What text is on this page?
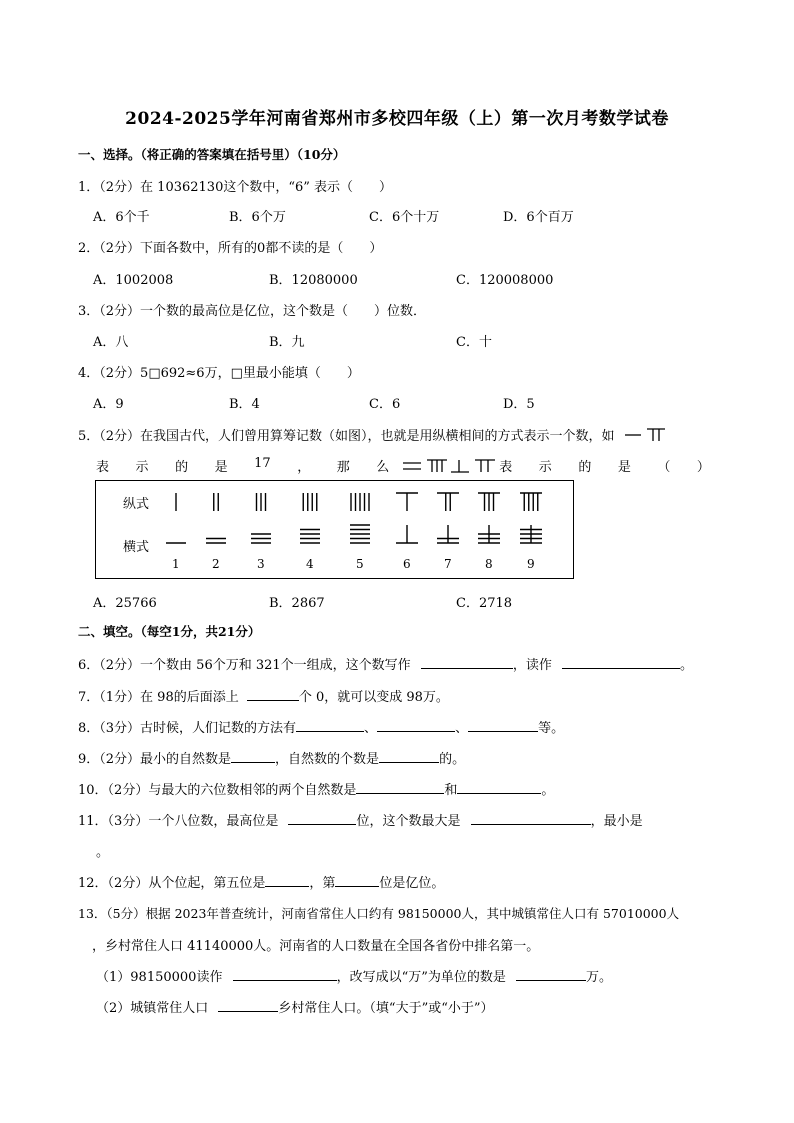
2024-2025学年河南省郑州市多校四年级（上）第一次月考数学试卷
一、选择。（将正确的答案填在括号里）（10分）
1．（2分）在 10362130这个数中，“6” 表示（　　）
A．6个千	B．6个万	C．6个十万	D．6个百万
2．（2分）下面各数中，所有的0都不读的是（　　）
A．1002008	B．12080000	C．120008000
3．（2分）一个数的最高位是亿位，这个数是（　　）位数．
A．八	B．九	C．十
4．（2分）5□692≈6万，□里最小能填（　　）
A．9	B．4	C．6	D．5
5．（2分）在我国古代，人们曾用算筹记数（如图），也就是用纵横相间的方式表示一个数，如
表 示 的 是 17 ， 那 么	表 示 的 是 （ ）
纵式
横式
1	2	3	4	5	6	7	8	9
A．25766	B．2867	C．2718
二、填空。（每空1分，共21分）
6．（2分）一个数由 56个万和 321个一组成，这个数写作	，读作	。
7．（1分）在 98的后面添上	个 0，就可以变成 98万。
8．（3分）古时候，人们记数的方法有	、	、	等。
9．（2分）最小的自然数是	，自然数的个数是	的。
10．（2分）与最大的六位数相邻的两个自然数是	和	。
11．（3分）一个八位数，最高位是	位，这个数最大是	，最小是
。
12．（2分）从个位起，第五位是	，第	位是亿位。
13．（5分）根据 2023年普查统计，河南省常住人口约有 98150000人，其中城镇常住人口有 57010000人
，乡村常住人口 41140000人。河南省的人口数量在全国各省份中排名第一。
（1）98150000读作	，改写成以“万”为单位的数是	万。
（2）城镇常住人口	乡村常住人口。（填“大于”或“小于”）
